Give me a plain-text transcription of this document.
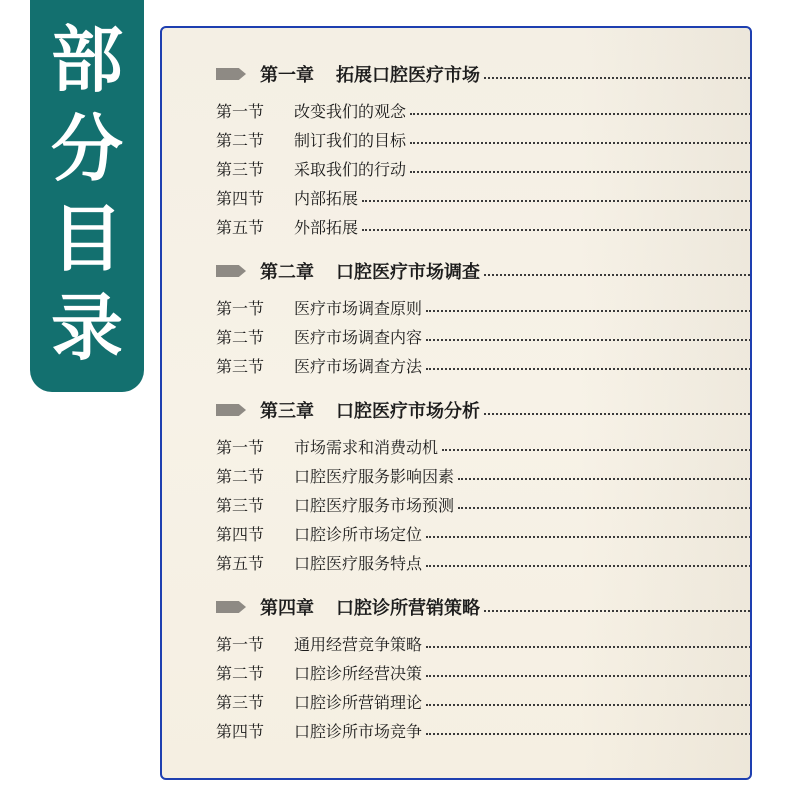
部
分
目
录
第一章 拓展口腔医疗市场
第一节	改变我们的观念
第二节	制订我们的目标
第三节	采取我们的行动
第四节	内部拓展
第五节	外部拓展
第二章 口腔医疗市场调查
第一节	医疗市场调查原则
第二节	医疗市场调查内容
第三节	医疗市场调查方法
第三章 口腔医疗市场分析
第一节	市场需求和消费动机
第二节	口腔医疗服务影响因素
第三节	口腔医疗服务市场预测
第四节	口腔诊所市场定位
第五节	口腔医疗服务特点
第四章 口腔诊所营销策略
第一节	通用经营竞争策略
第二节	口腔诊所经营决策
第三节	口腔诊所营销理论
第四节	口腔诊所市场竞争
